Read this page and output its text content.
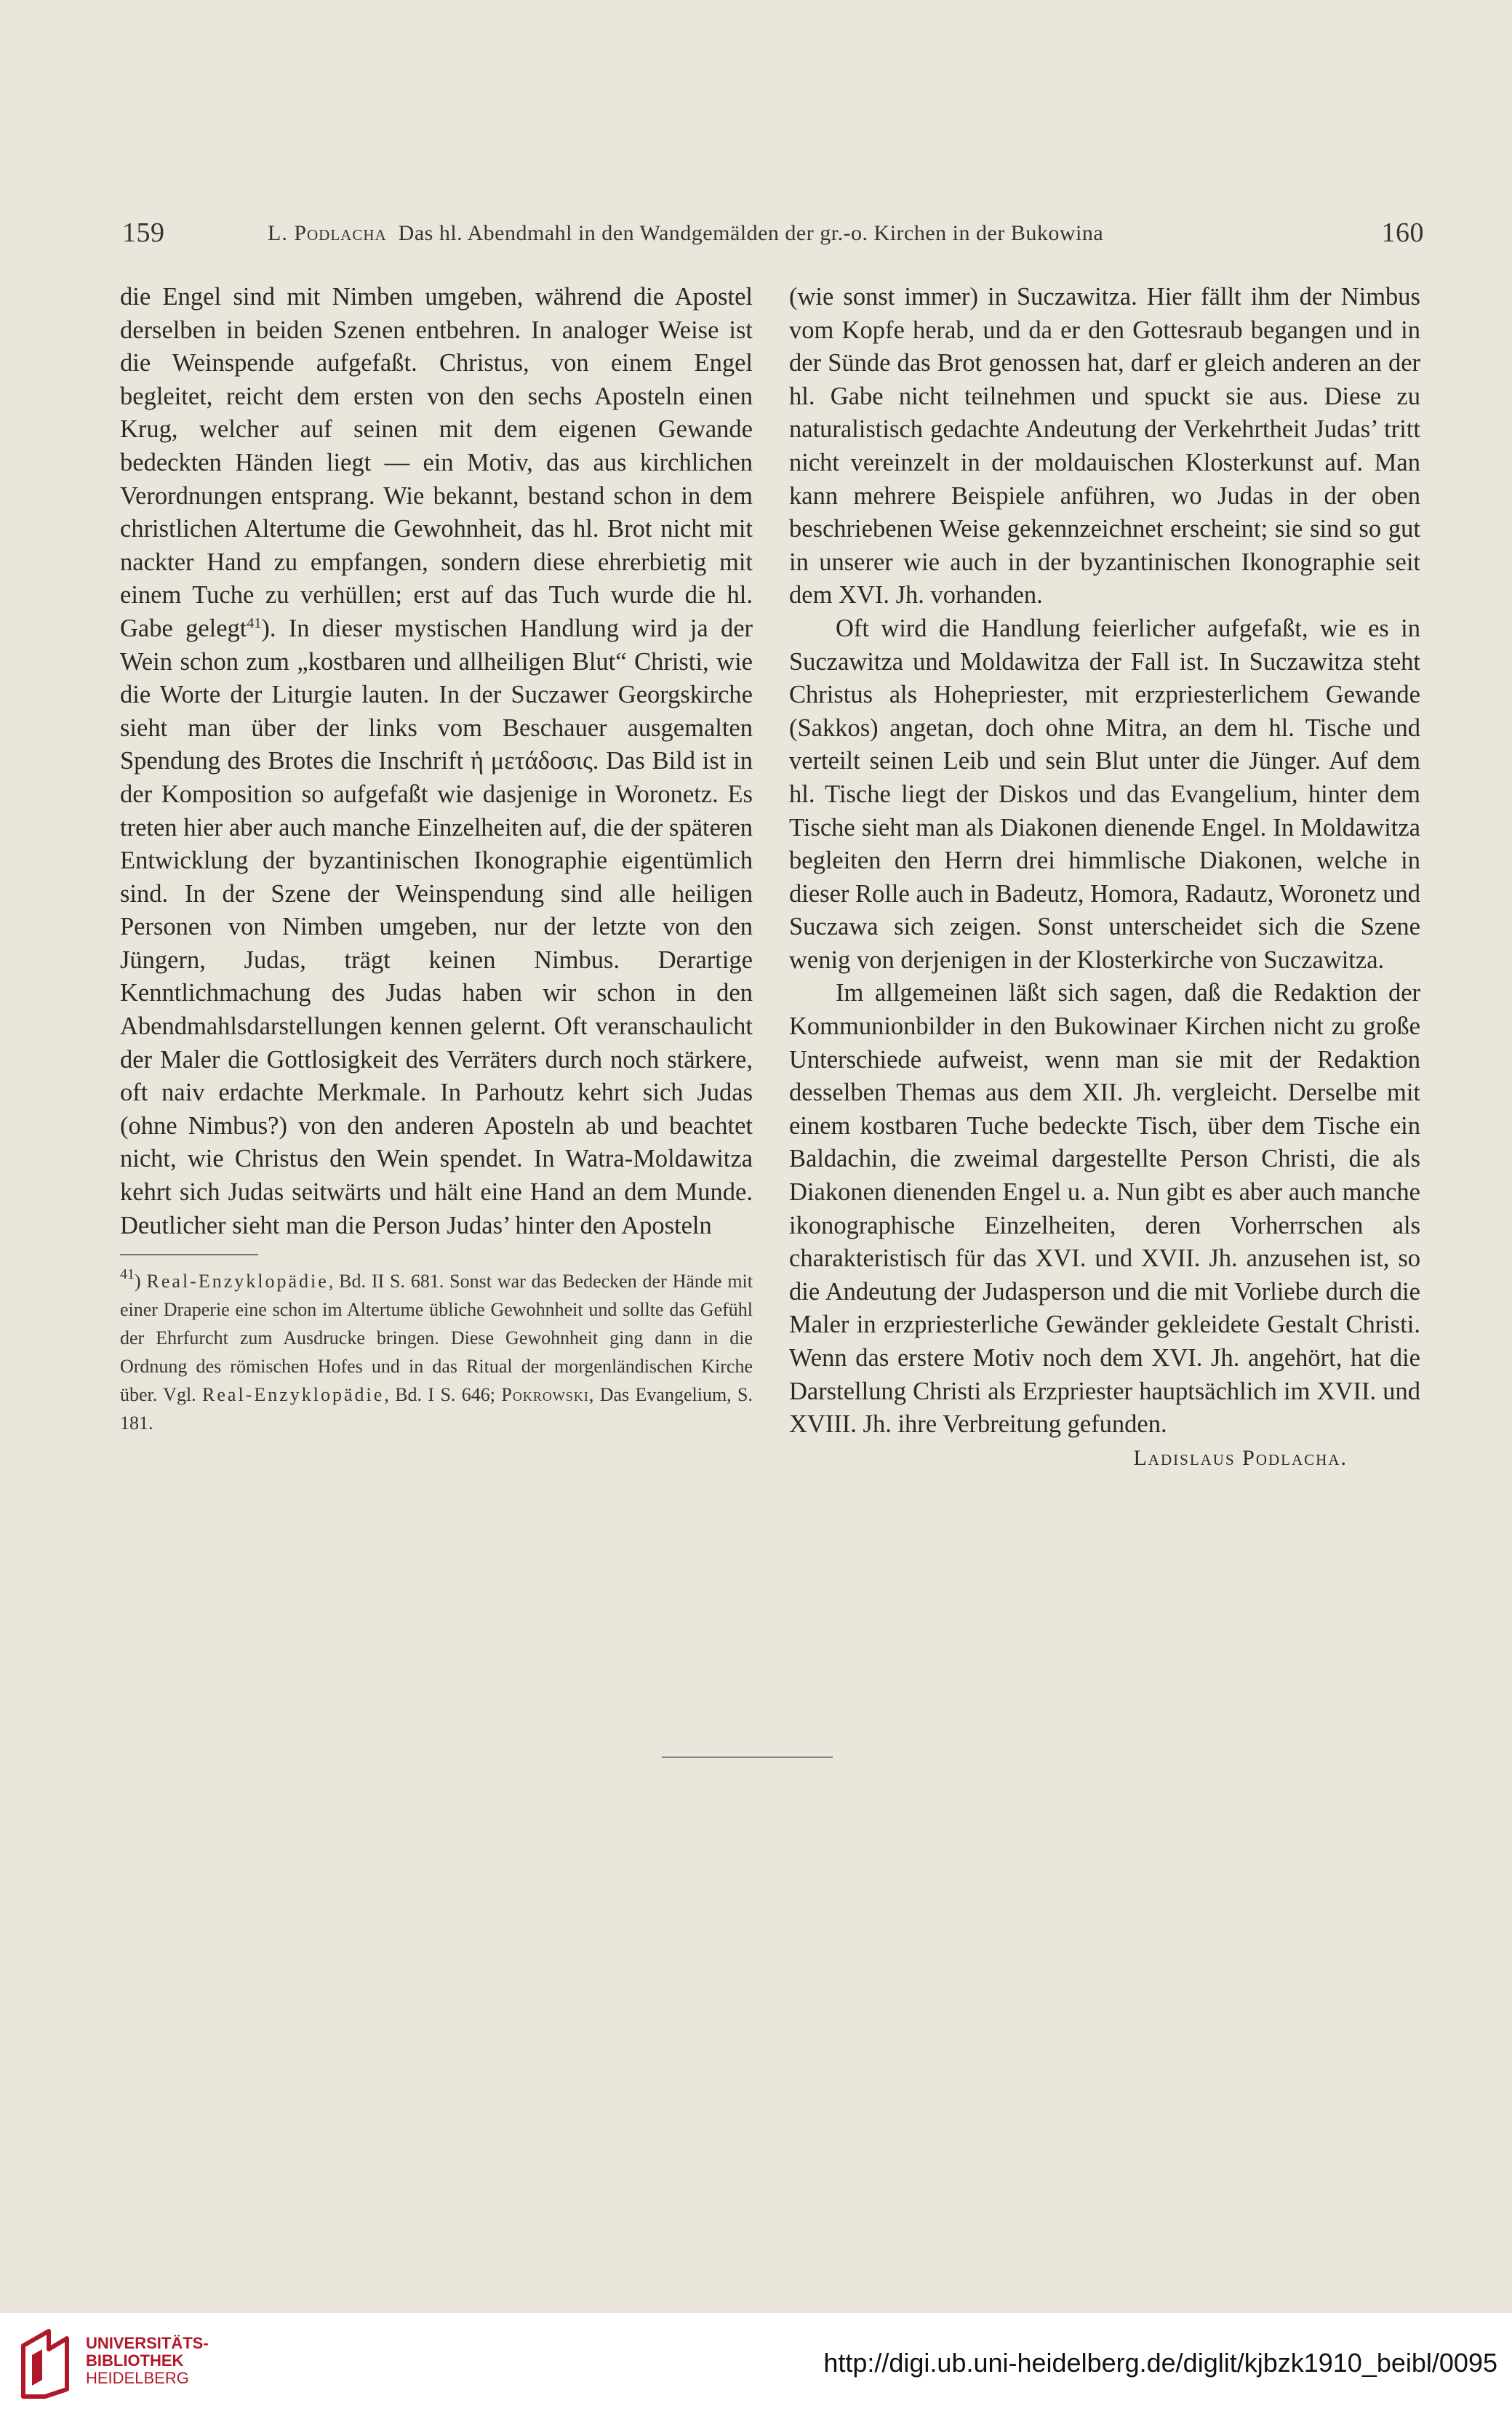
159	L. Podlacha Das hl. Abendmahl in den Wandgemälden der gr.-o. Kirchen in der Bukowina	160

die Engel sind mit Nimben umgeben, während die Apostel derselben in beiden Szenen entbehren. In analoger Weise ist die Weinspende aufgefaßt. Christus, von einem Engel begleitet, reicht dem ersten von den sechs Aposteln einen Krug, welcher auf seinen mit dem eigenen Gewande bedeckten Händen liegt — ein Motiv, das aus kirchlichen Verordnungen entsprang. Wie bekannt, bestand schon in dem christlichen Altertume die Gewohnheit, das hl. Brot nicht mit nackter Hand zu empfangen, sondern diese ehrerbietig mit einem Tuche zu verhüllen; erst auf das Tuch wurde die hl. Gabe gelegt$^{41}$). In dieser mystischen Handlung wird ja der Wein schon zum „kostbaren und allheiligen Blut“ Christi, wie die Worte der Liturgie lauten. In der Suczawer Georgskirche sieht man über der links vom Beschauer ausgemalten Spendung des Brotes die Inschrift ἡ μετάδοσις. Das Bild ist in der Komposition so aufgefaßt wie dasjenige in Woronetz. Es treten hier aber auch manche Einzelheiten auf, die der späteren Entwicklung der byzantinischen Ikonographie eigentümlich sind. In der Szene der Weinspendung sind alle heiligen Personen von Nimben umgeben, nur der letzte von den Jüngern, Judas, trägt keinen Nimbus. Derartige Kenntlichmachung des Judas haben wir schon in den Abendmahlsdarstellungen kennen gelernt. Oft veranschaulicht der Maler die Gottlosigkeit des Verräters durch noch stärkere, oft naiv erdachte Merkmale. In Parhoutz kehrt sich Judas (ohne Nimbus?) von den anderen Aposteln ab und beachtet nicht, wie Christus den Wein spendet. In Watra-Moldawitza kehrt sich Judas seitwärts und hält eine Hand an dem Munde. Deutlicher sieht man die Person Judas’ hinter den Aposteln

$^{41}$) Real-Enzyklopädie, Bd. II S. 681. Sonst war das Bedecken der Hände mit einer Draperie eine schon im Altertume übliche Gewohnheit und sollte das Gefühl der Ehrfurcht zum Ausdrucke bringen. Diese Gewohnheit ging dann in die Ordnung des römischen Hofes und in das Ritual der morgenländischen Kirche über. Vgl. Real-Enzyklopädie, Bd. I S. 646; Pokrowski, Das Evangelium, S. 181.

(wie sonst immer) in Suczawitza. Hier fällt ihm der Nimbus vom Kopfe herab, und da er den Gottesraub begangen und in der Sünde das Brot genossen hat, darf er gleich anderen an der hl. Gabe nicht teilnehmen und spuckt sie aus. Diese zu naturalistisch gedachte Andeutung der Verkehrtheit Judas’ tritt nicht vereinzelt in der moldauischen Klosterkunst auf. Man kann mehrere Beispiele anführen, wo Judas in der oben beschriebenen Weise gekennzeichnet erscheint; sie sind so gut in unserer wie auch in der byzantinischen Ikonographie seit dem XVI. Jh. vorhanden.

Oft wird die Handlung feierlicher aufgefaßt, wie es in Suczawitza und Moldawitza der Fall ist. In Suczawitza steht Christus als Hohepriester, mit erzpriesterlichem Gewande (Sakkos) angetan, doch ohne Mitra, an dem hl. Tische und verteilt seinen Leib und sein Blut unter die Jünger. Auf dem hl. Tische liegt der Diskos und das Evangelium, hinter dem Tische sieht man als Diakonen dienende Engel. In Moldawitza begleiten den Herrn drei himmlische Diakonen, welche in dieser Rolle auch in Badeutz, Homora, Radautz, Woronetz und Suczawa sich zeigen. Sonst unterscheidet sich die Szene wenig von derjenigen in der Klosterkirche von Suczawitza.

Im allgemeinen läßt sich sagen, daß die Redaktion der Kommunionbilder in den Bukowinaer Kirchen nicht zu große Unterschiede aufweist, wenn man sie mit der Redaktion desselben Themas aus dem XII. Jh. vergleicht. Derselbe mit einem kostbaren Tuche bedeckte Tisch, über dem Tische ein Baldachin, die zweimal dargestellte Person Christi, die als Diakonen dienenden Engel u. a. Nun gibt es aber auch manche ikonographische Einzelheiten, deren Vorherrschen als charakteristisch für das XVI. und XVII. Jh. anzusehen ist, so die Andeutung der Judasperson und die mit Vorliebe durch die Maler in erzpriesterliche Gewänder gekleidete Gestalt Christi. Wenn das erstere Motiv noch dem XVI. Jh. angehört, hat die Darstellung Christi als Erzpriester hauptsächlich im XVII. und XVIII. Jh. ihre Verbreitung gefunden.

Ladislaus Podlacha.

UNIVERSITÄTS-
BIBLIOTHEK
HEIDELBERG
http://digi.ub.uni-heidelberg.de/diglit/kjbzk1910_beibl/0095
